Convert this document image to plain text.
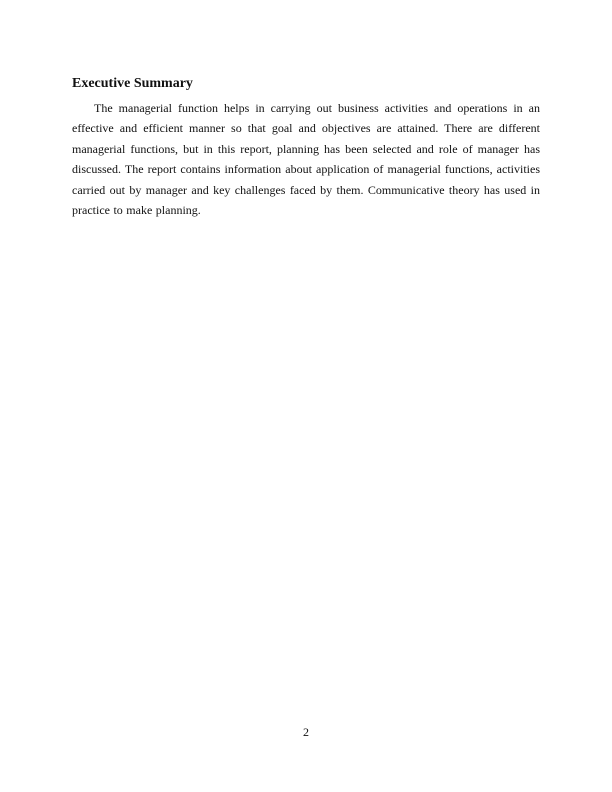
Executive Summary

The managerial function helps in carrying out business activities and operations in an effective and efficient manner so that goal and objectives are attained. There are different managerial functions, but in this report, planning has been selected and role of manager has discussed. The report contains information about application of managerial functions, activities carried out by manager and key challenges faced by them. Communicative theory has used in practice to make planning.

2
